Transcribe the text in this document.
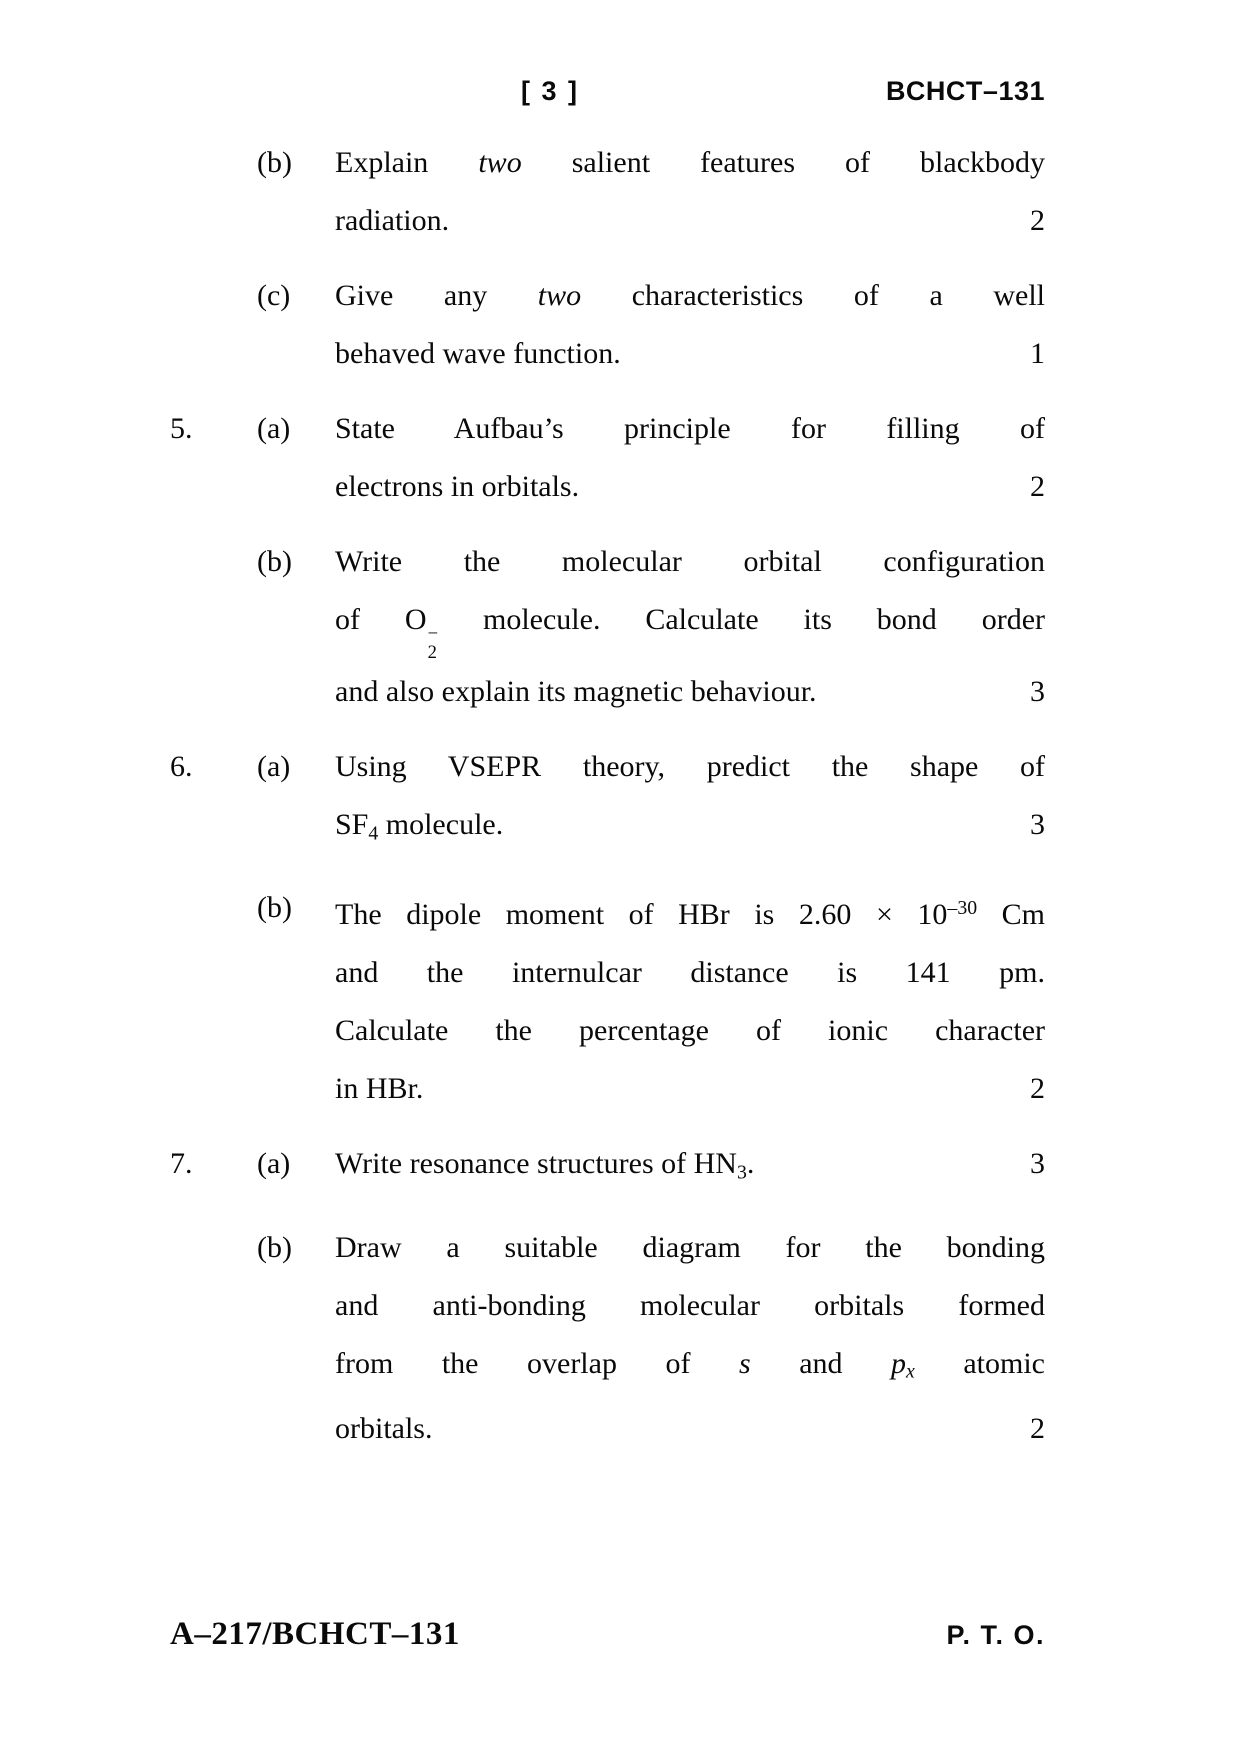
[ 3 ]	BCHCT–131
(b)	Explain two salient features of blackbody
radiation.	2
(c)	Give any two characteristics of a well
behaved wave function.	1
5.	(a)	State Aufbau’s principle for filling of
electrons in orbitals.	2
(b)	Write the molecular orbital configuration
of O −
2
molecule. Calculate its bond order
and also explain its magnetic behaviour.	3
6.	(a)	Using VSEPR theory, predict the shape of
SF4 molecule.	3
(b)	The dipole moment of HBr is $2.60 \times 10^{-30}$ Cm
and the internulcar distance is 141 pm.
Calculate the percentage of ionic character
in HBr.	2
7.	(a)	Write resonance structures of HN3.	3
(b)	Draw a suitable diagram for the bonding
and anti-bonding molecular orbitals formed
from the overlap of s and px atomic
orbitals.	2
A–217/BCHCT–131	P. T. O.
